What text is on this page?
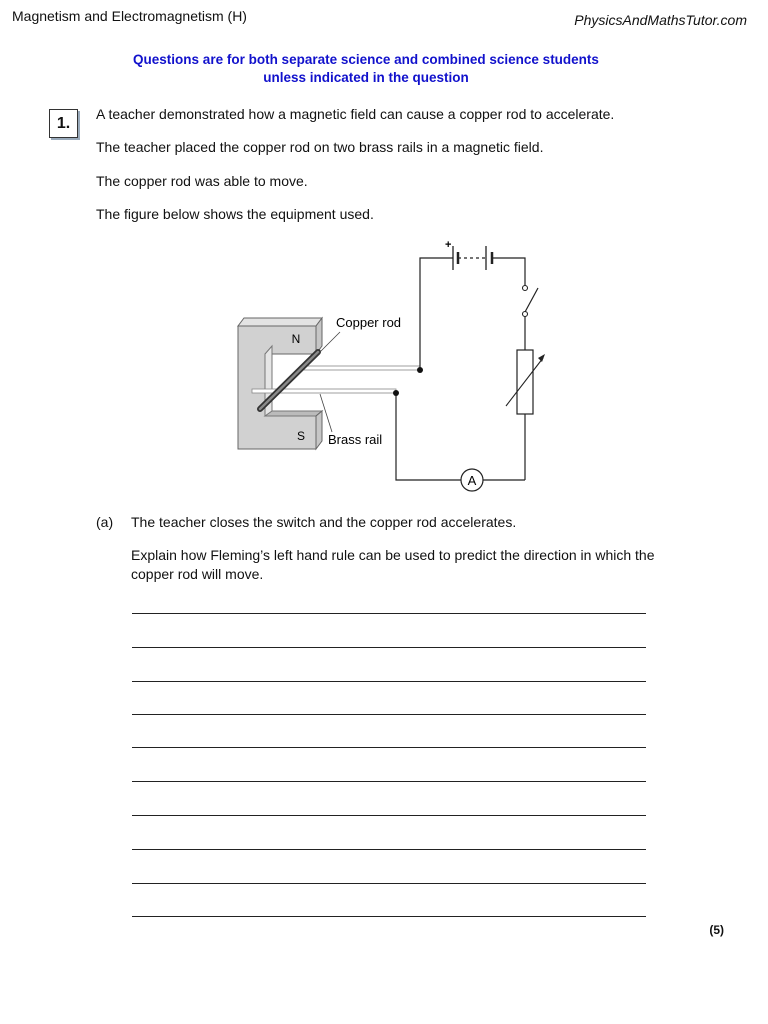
Magnetism and Electromagnetism (H)	PhysicsAndMathsTutor.com
Questions are for both separate science and combined science students
unless indicated in the question
1.
A teacher demonstrated how a magnetic field can cause a copper rod to accelerate.
The teacher placed the copper rod on two brass rails in a magnetic field.
The copper rod was able to move.
The figure below shows the equipment used.
N
S
Copper rod
Brass rail
+
A
(a) The teacher closes the switch and the copper rod accelerates.
Explain how Fleming’s left hand rule can be used to predict the direction in which the copper rod will move.
(5)
